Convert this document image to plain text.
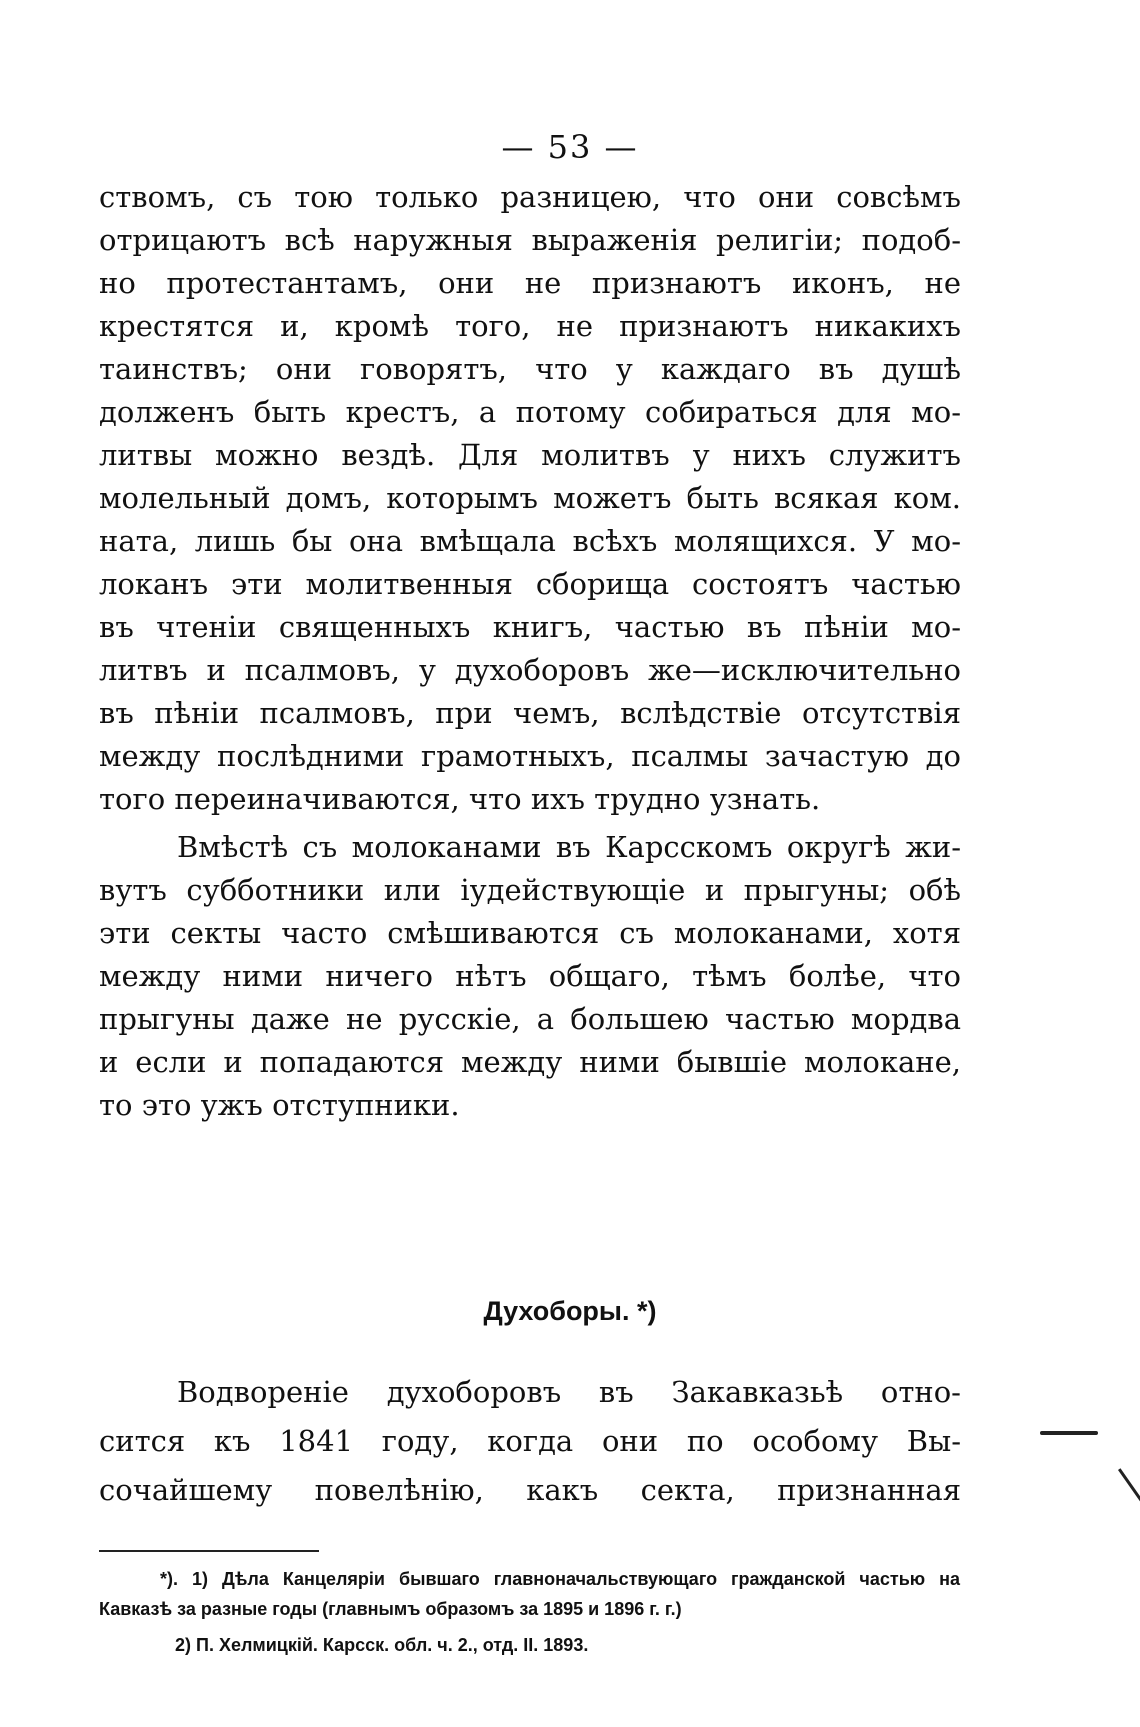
— 53 —
ствомъ, съ тою только разницею, что они совсѣмъ
отрицаютъ всѣ наружныя выраженія религіи; подоб-
но протестантамъ, они не признаютъ иконъ, не
крестятся и, кромѣ того, не признаютъ никакихъ
таинствъ; они говорятъ, что у каждаго въ душѣ
долженъ быть крестъ, а потому собираться для мо-
литвы можно вездѣ. Для молитвъ у нихъ служитъ
молельный домъ, которымъ можетъ быть всякая ком.
ната, лишь бы она вмѣщала всѣхъ молящихся. У мо-
локанъ эти молитвенныя сборища состоятъ частью
въ чтеніи священныхъ книгъ, частью въ пѣніи мо-
литвъ и псалмовъ, у духоборовъ же—исключительно
въ пѣніи псалмовъ, при чемъ, вслѣдствіе отсутствія
между послѣдними грамотныхъ, псалмы зачастую до
того переиначиваются, что ихъ трудно узнать.
Вмѣстѣ съ молоканами въ Карсскомъ округѣ жи-
вутъ субботники или іудействующіе и прыгуны; обѣ
эти секты часто смѣшиваются съ молоканами, хотя
между ними ничего нѣтъ общаго, тѣмъ болѣе, что
прыгуны даже не русскіе, а большею частью мордва
и если и попадаются между ними бывшіе молокане,
то это ужъ отступники.
Духоборы. *)
Водвореніе духоборовъ въ Закавказьѣ отно-
сится къ 1841 году, когда они по особому Вы-
сочайшему повелѣнію, какъ секта, признанная
*). 1) Дѣла Канцеляріи бывшаго главноначальствующаго гражданской частью на
Кавказѣ за разные годы (главнымъ образомъ за 1895 и 1896 г. г.)
2) П. Хелмицкій. Карсск. обл. ч. 2., отд. II. 1893.
